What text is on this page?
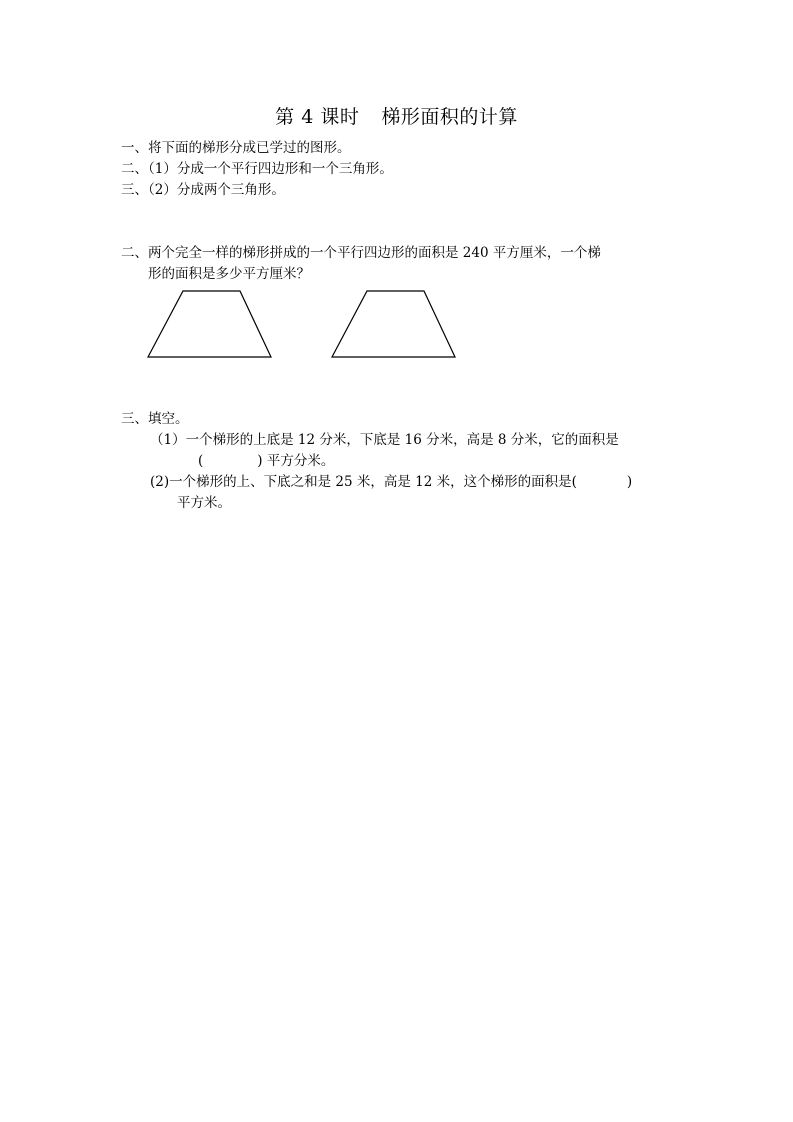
第 4 课时 梯形面积的计算
一、将下面的梯形分成已学过的图形。
二、（1）分成一个平行四边形和一个三角形。
三、（2）分成两个三角形。
二、两个完全一样的梯形拼成的一个平行四边形的面积是 240 平方厘米，一个梯
形的面积是多少平方厘米？
三、填空。
（1）一个梯形的上底是 12 分米，下底是 16 分米，高是 8 分米，它的面积是
(	) 平方分米。
(2)一个梯形的上、下底之和是 25 米，高是 12 米，这个梯形的面积是(	)
平方米。
